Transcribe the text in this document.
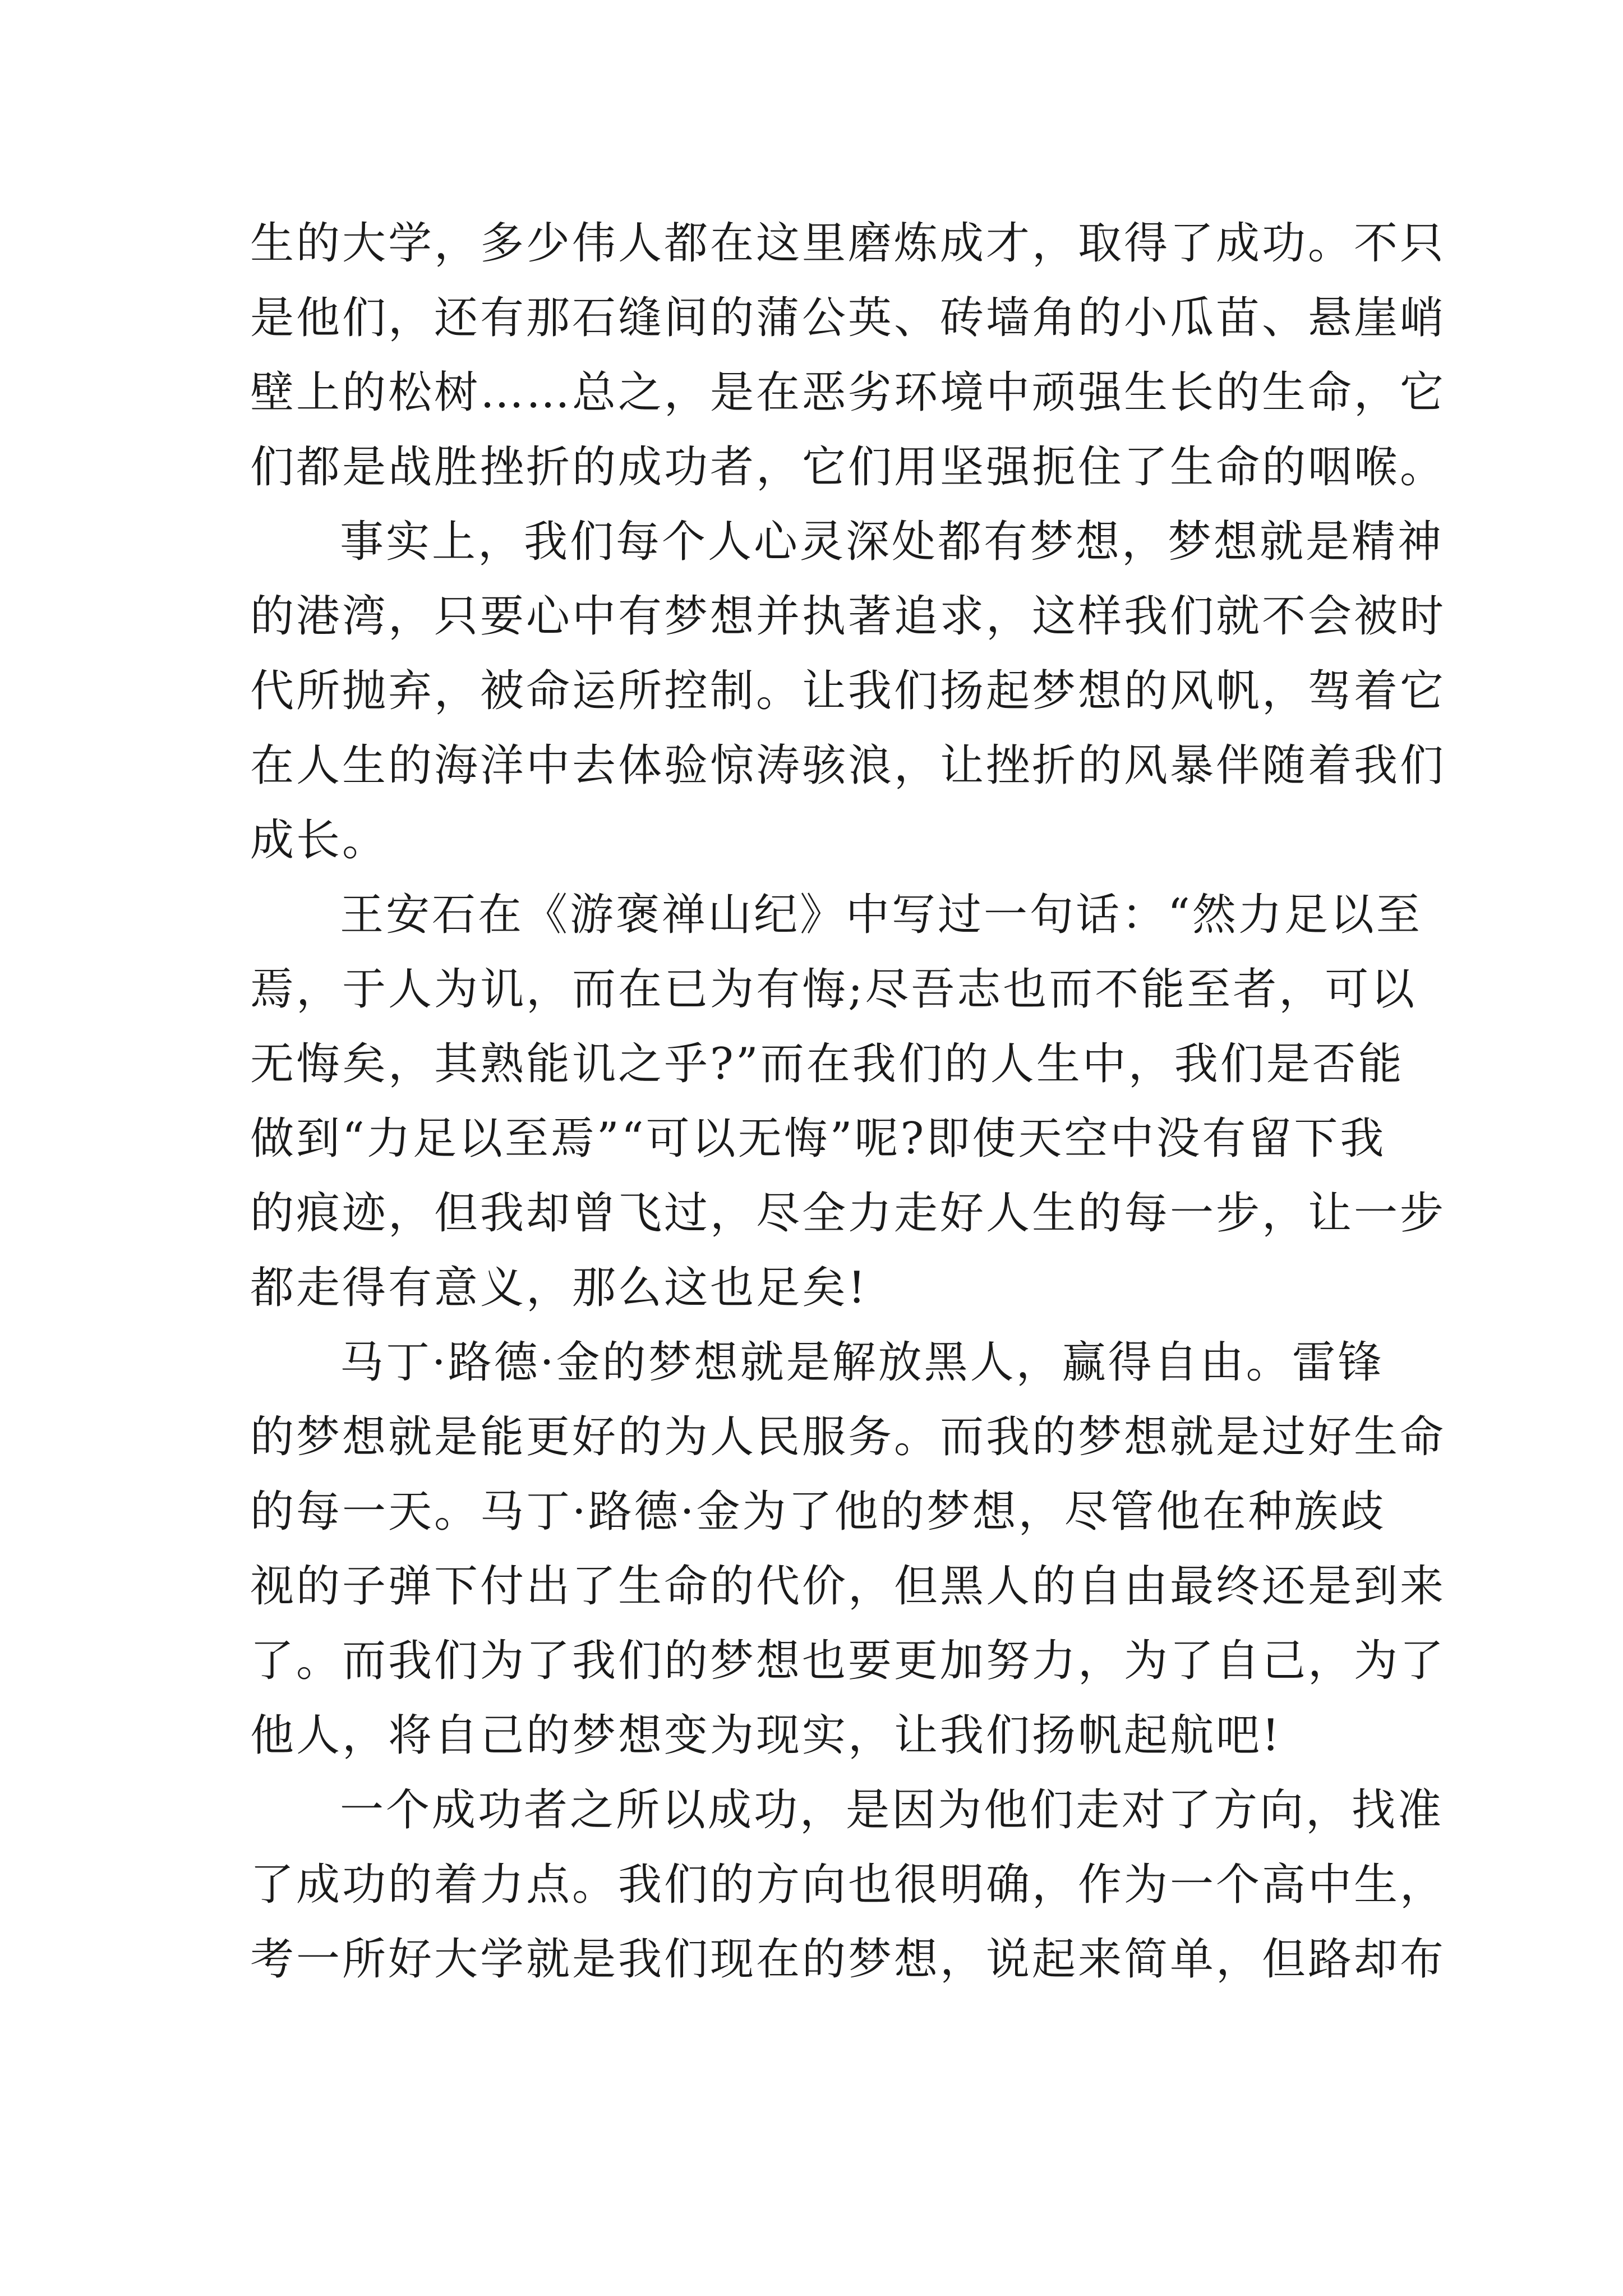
生的大学，多少伟人都在这里磨炼成才，取得了成功。不只
是他们，还有那石缝间的蒲公英、砖墙角的小瓜苗、悬崖峭
壁上的松树……总之，是在恶劣环境中顽强生长的生命，它
们都是战胜挫折的成功者，它们用坚强扼住了生命的咽喉。
事实上，我们每个人心灵深处都有梦想，梦想就是精神
的港湾，只要心中有梦想并执著追求，这样我们就不会被时
代所抛弃，被命运所控制。让我们扬起梦想的风帆，驾着它
在人生的海洋中去体验惊涛骇浪，让挫折的风暴伴随着我们
成长。
王安石在《游褒禅山纪》中写过一句话：“然力足以至
焉，于人为讥，而在已为有悔;尽吾志也而不能至者，可以
无悔矣，其熟能讥之乎?”而在我们的人生中，我们是否能
做到“力足以至焉”“可以无悔”呢?即使天空中没有留下我
的痕迹，但我却曾飞过，尽全力走好人生的每一步，让一步
都走得有意义，那么这也足矣!
马丁·路德·金的梦想就是解放黑人，赢得自由。雷锋
的梦想就是能更好的为人民服务。而我的梦想就是过好生命
的每一天。马丁·路德·金为了他的梦想，尽管他在种族歧
视的子弹下付出了生命的代价，但黑人的自由最终还是到来
了。而我们为了我们的梦想也要更加努力，为了自己，为了
他人，将自己的梦想变为现实，让我们扬帆起航吧!
一个成功者之所以成功，是因为他们走对了方向，找准
了成功的着力点。我们的方向也很明确，作为一个高中生，
考一所好大学就是我们现在的梦想，说起来简单，但路却布
